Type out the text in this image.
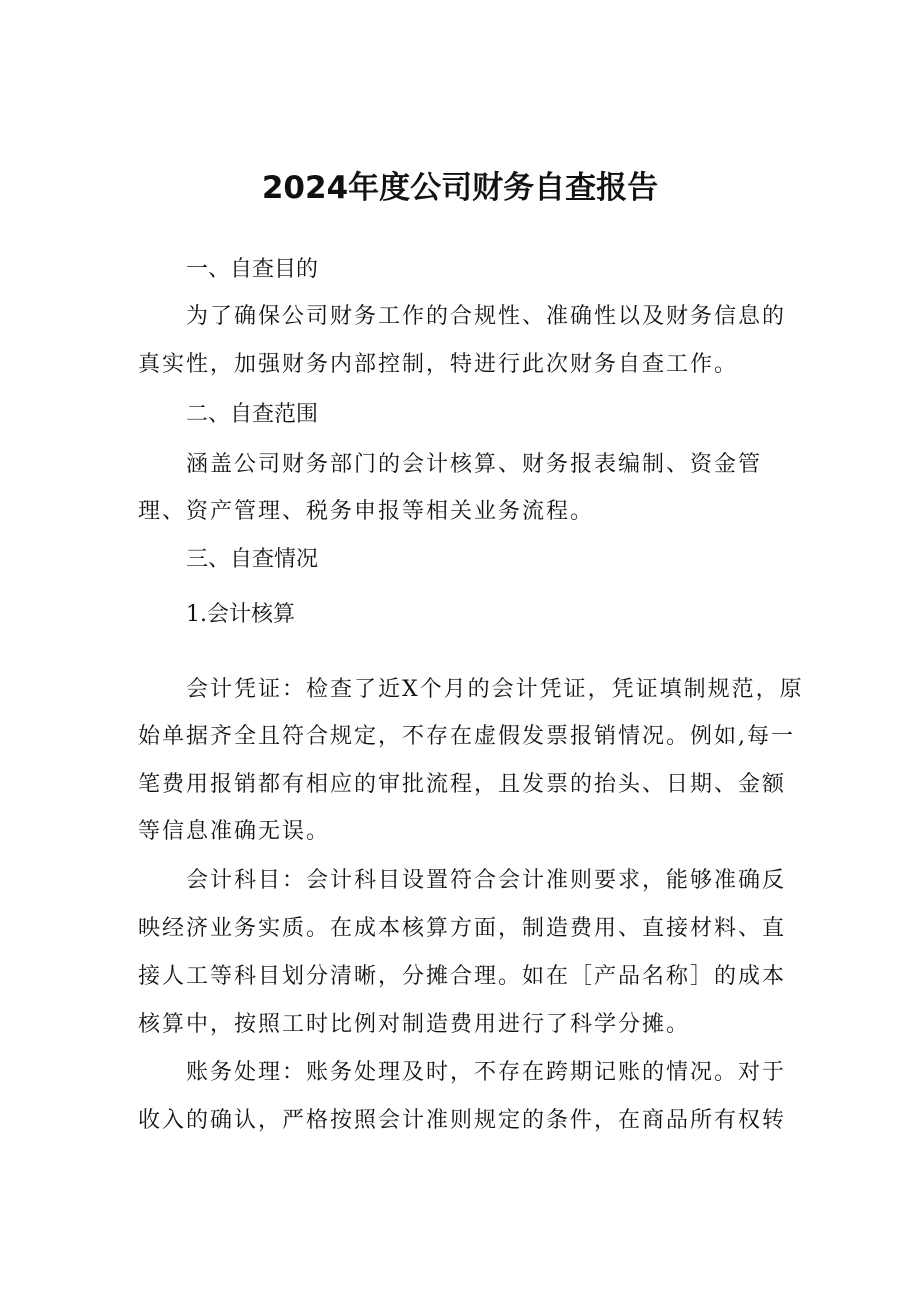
2024年度公司财务自查报告
一、自查目的
为了确保公司财务工作的合规性、准确性以及财务信息的
真实性，加强财务内部控制，特进行此次财务自查工作。
二、自查范围
涵盖公司财务部门的会计核算、财务报表编制、资金管
理、资产管理、税务申报等相关业务流程。
三、自查情况
1.会计核算
会计凭证：检查了近X个月的会计凭证，凭证填制规范，原
始单据齐全且符合规定，不存在虚假发票报销情况。例如,每一
笔费用报销都有相应的审批流程，且发票的抬头、日期、金额
等信息准确无误。
会计科目：会计科目设置符合会计准则要求，能够准确反
映经济业务实质。在成本核算方面，制造费用、直接材料、直
接人工等科目划分清晰，分摊合理。如在［产品名称］的成本
核算中，按照工时比例对制造费用进行了科学分摊。
账务处理：账务处理及时，不存在跨期记账的情况。对于
收入的确认，严格按照会计准则规定的条件，在商品所有权转
